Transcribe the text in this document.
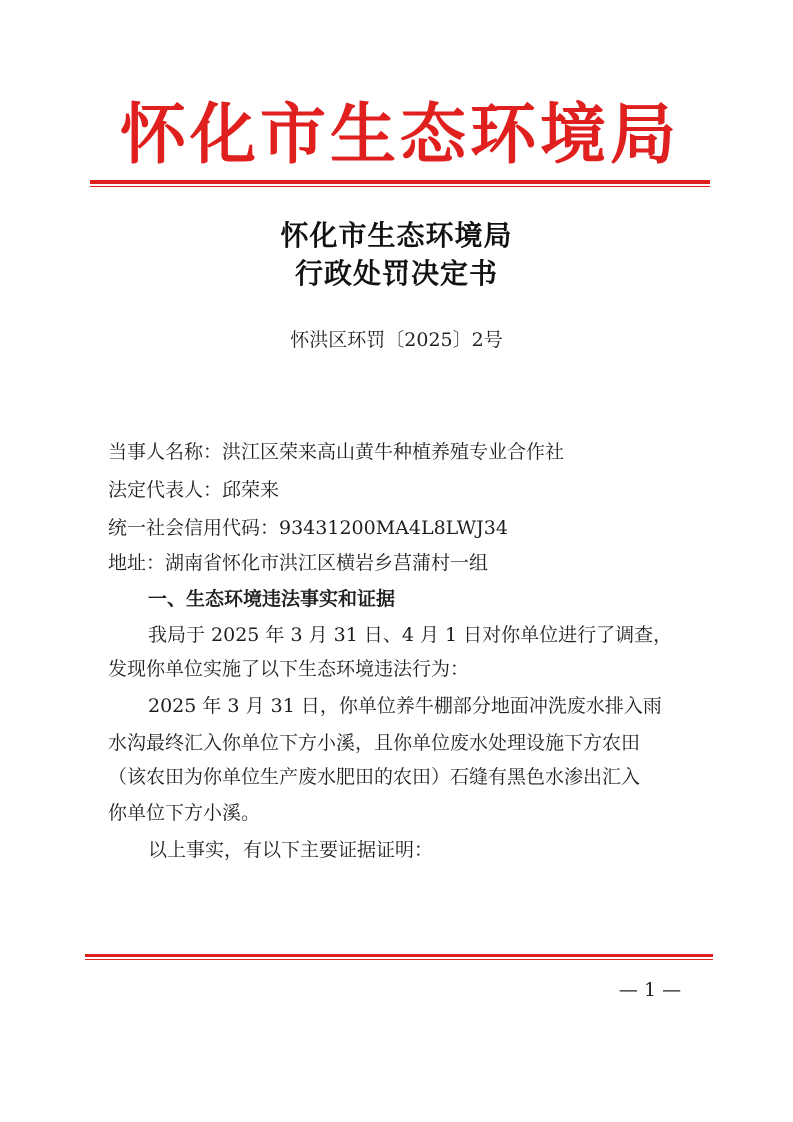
怀化市生态环境局
怀化市生态环境局
行政处罚决定书
怀洪区环罚〔2025〕2号
当事人名称：洪江区荣来高山黄牛种植养殖专业合作社
法定代表人：邱荣来
统一社会信用代码：93431200MA4L8LWJ34
地址：湖南省怀化市洪江区横岩乡莒蒲村一组
一、生态环境违法事实和证据
我局于 2025 年 3 月 31 日、4 月 1 日对你单位进行了调查，
发现你单位实施了以下生态环境违法行为：
2025 年 3 月 31 日，你单位养牛棚部分地面冲洗废水排入雨
水沟最终汇入你单位下方小溪，且你单位废水处理设施下方农田
（该农田为你单位生产废水肥田的农田）石缝有黑色水渗出汇入
你单位下方小溪。
以上事实，有以下主要证据证明：
— 1 —
